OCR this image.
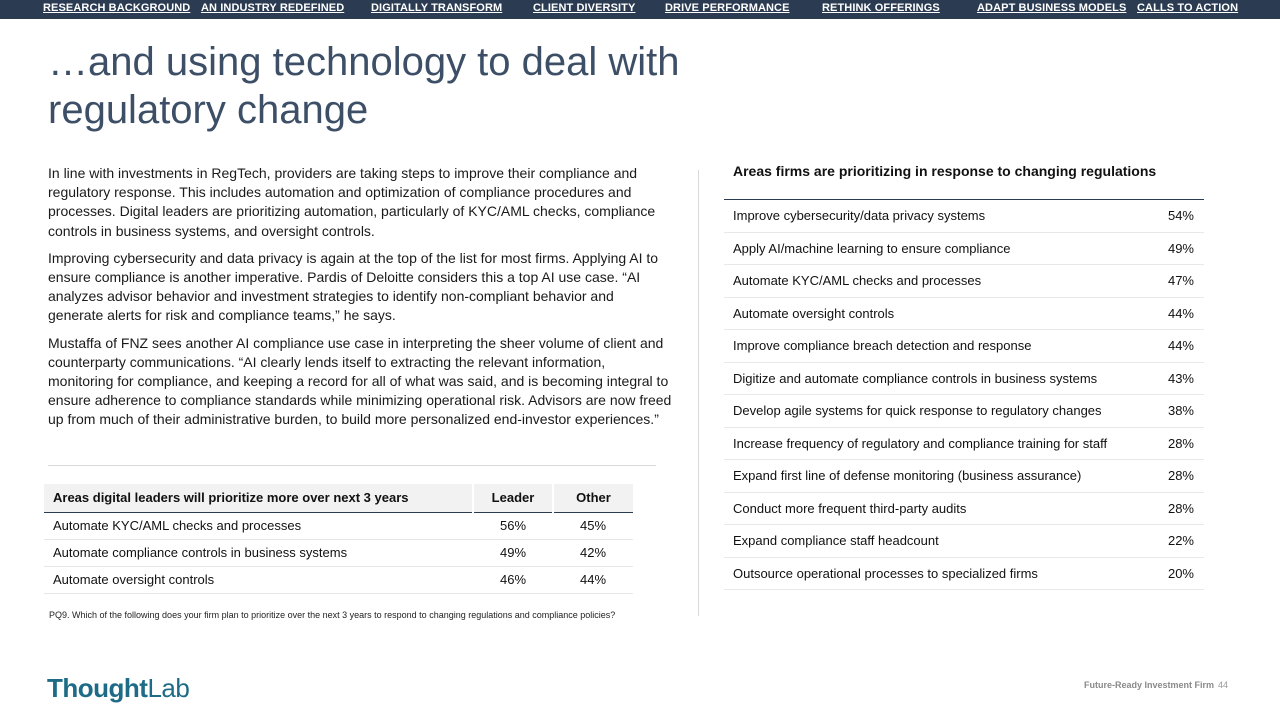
RESEARCH BACKGROUND AN INDUSTRY REDEFINED DIGITALLY TRANSFORM	CLIENT DIVERSITY	DRIVE PERFORMANCE	RETHINK OFFERINGS	ADAPT BUSINESS MODELS CALLS TO ACTION
…and using technology to deal with regulatory change

In line with investments in RegTech, providers are taking steps to improve their compliance and regulatory response. This includes automation and optimization of compliance procedures and processes. Digital leaders are prioritizing automation, particularly of KYC/AML checks, compliance controls in business systems, and oversight controls.

Improving cybersecurity and data privacy is again at the top of the list for most firms. Applying AI to ensure compliance is another imperative. Pardis of Deloitte considers this a top AI use case. “AI analyzes advisor behavior and investment strategies to identify non-compliant behavior and generate alerts for risk and compliance teams,” he says.

Mustaffa of FNZ sees another AI compliance use case in interpreting the sheer volume of client and counterparty communications. “AI clearly lends itself to extracting the relevant information, monitoring for compliance, and keeping a record for all of what was said, and is becoming integral to ensure adherence to compliance standards while minimizing operational risk. Advisors are now freed up from much of their administrative burden, to build more personalized end-investor experiences.”

Areas digital leaders will prioritize more over next 3 years	Leader	Other
Automate KYC/AML checks and processes	56%	45%
Automate compliance controls in business systems	49%	42%
Automate oversight controls	46%	44%
PQ9. Which of the following does your firm plan to prioritize over the next 3 years to respond to changing regulations and compliance policies?
Areas firms are prioritizing in response to changing regulations
Improve cybersecurity/data privacy systems	54%
Apply AI/machine learning to ensure compliance	49%
Automate KYC/AML checks and processes	47%
Automate oversight controls	44%
Improve compliance breach detection and response	44%
Digitize and automate compliance controls in business systems	43%
Develop agile systems for quick response to regulatory changes	38%
Increase frequency of regulatory and compliance training for staff	28%
Expand first line of defense monitoring (business assurance)	28%
Conduct more frequent third-party audits	28%
Expand compliance staff headcount	22%
Outsource operational processes to specialized firms	20%
ThoughtLab	Future-Ready Investment Firm 44
